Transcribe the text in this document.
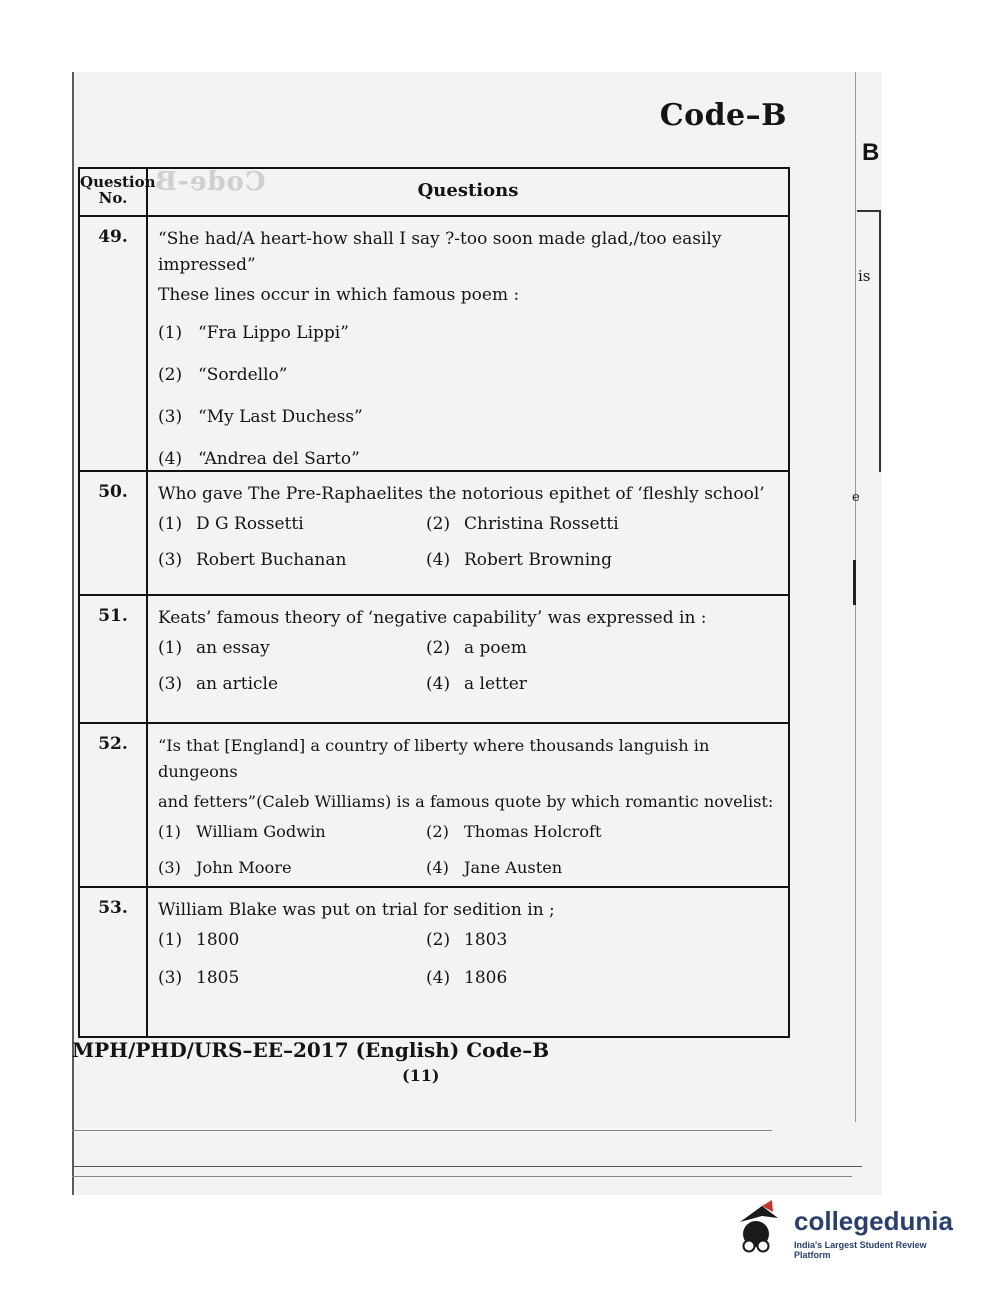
Code-B
B
is
e
Code–B
Question No.	Questions
49.	“She had/A heart-how shall I say ?-too soon made glad,/too easily impressed”
These lines occur in which famous poem :
(1) “Fra Lippo Lippi”
(2) “Sordello”
(3) “My Last Duchess”
(4) “Andrea del Sarto”
50.	Who gave The Pre-Raphaelites the notorious epithet of ‘fleshly school’
(1) D G Rossetti	(2) Christina Rossetti
(3) Robert Buchanan	(4) Robert Browning
51.	Keats’ famous theory of ‘negative capability’ was expressed in :
(1) an essay	(2) a poem
(3) an article	(4) a letter
52.	“Is that [England] a country of liberty where thousands languish in dungeons
and fetters”(Caleb Williams) is a famous quote by which romantic novelist:
(1) William Godwin	(2) Thomas Holcroft
(3) John Moore	(4) Jane Austen
53.	William Blake was put on trial for sedition in ;
(1) 1800	(2) 1803
(3) 1805	(4) 1806
MPH/PHD/URS–EE–2017 (English) Code–B
(11)
collegedunia
India's Largest Student Review Platform
